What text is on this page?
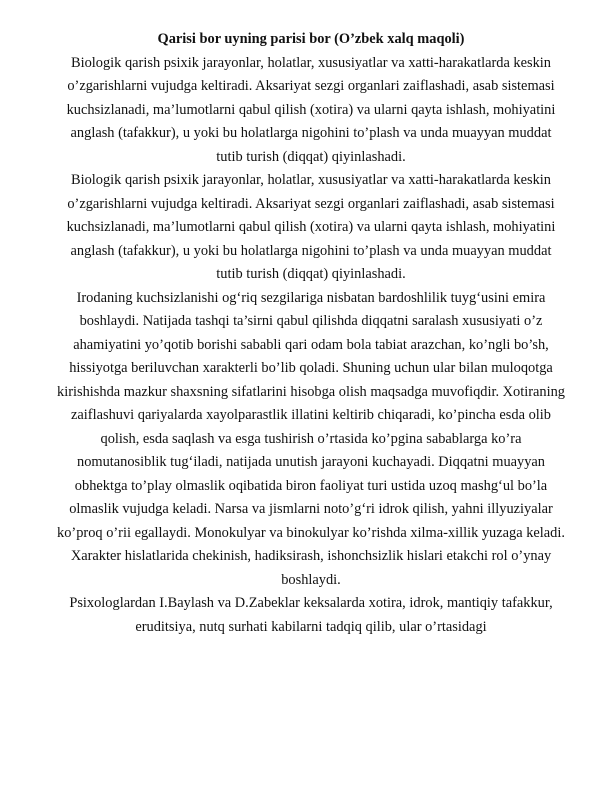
Qarisi bor uyning parisi bor (O’zbek xalq maqoli)

Biologik qarish psixik jarayonlar, holatlar, xususiyatlar va xatti-harakatlarda keskin o’zgarishlarni vujudga keltiradi. Aksariyat sezgi organlari zaiflashadi, asab sistemasi kuchsizlanadi, ma’lumotlarni qabul qilish (xotira) va ularni qayta ishlash, mohiyatini anglash (tafakkur), u yoki bu holatlarga nigohini to’plash va unda muayyan muddat tutib turish (diqqat) qiyinlashadi.

Biologik qarish psixik jarayonlar, holatlar, xususiyatlar va xatti-harakatlarda keskin o’zgarishlarni vujudga keltiradi. Aksariyat sezgi organlari zaiflashadi, asab sistemasi kuchsizlanadi, ma’lumotlarni qabul qilish (xotira) va ularni qayta ishlash, mohiyatini anglash (tafakkur), u yoki bu holatlarga nigohini to’plash va unda muayyan muddat tutib turish (diqqat) qiyinlashadi.

Irodaning kuchsizlanishi og‘riq sezgilariga nisbatan bardoshlilik tuyg‘usini emira boshlaydi. Natijada tashqi ta’sirni qabul qilishda diqqatni saralash xususiyati o’z ahamiyatini yo’qotib borishi sababli qari odam bola tabiat arazchan, ko’ngli bo’sh, hissiyotga beriluvchan xarakterli bo’lib qoladi. Shuning uchun ular bilan muloqotga kirishishda mazkur shaxsning sifatlarini hisobga olish maqsadga muvofiqdir. Xotiraning zaiflashuvi qariyalarda xayolparastlik illatini keltirib chiqaradi, ko’pincha esda olib qolish, esda saqlash va esga tushirish o’rtasida ko’pgina sabablarga ko’ra nomutanosiblik tug‘iladi, natijada unutish jarayoni kuchayadi. Diqqatni muayyan obhektga to’play olmaslik oqibatida biron faoliyat turi ustida uzoq mashg‘ul bo’la olmaslik vujudga keladi. Narsa va jismlarni noto’g‘ri idrok qilish, yahni illyuziyalar ko’proq o’rii egallaydi. Monokulyar va binokulyar ko’rishda xilma-xillik yuzaga keladi. Xarakter hislatlarida chekinish, hadiksirash, ishonchsizlik hislari etakchi rol o’ynay boshlaydi.

Psixologlardan I.Baylash va D.Zabeklar keksalarda xotira, idrok, mantiqiy tafakkur, eruditsiya, nutq surhati kabilarni tadqiq qilib, ular o’rtasidagi
